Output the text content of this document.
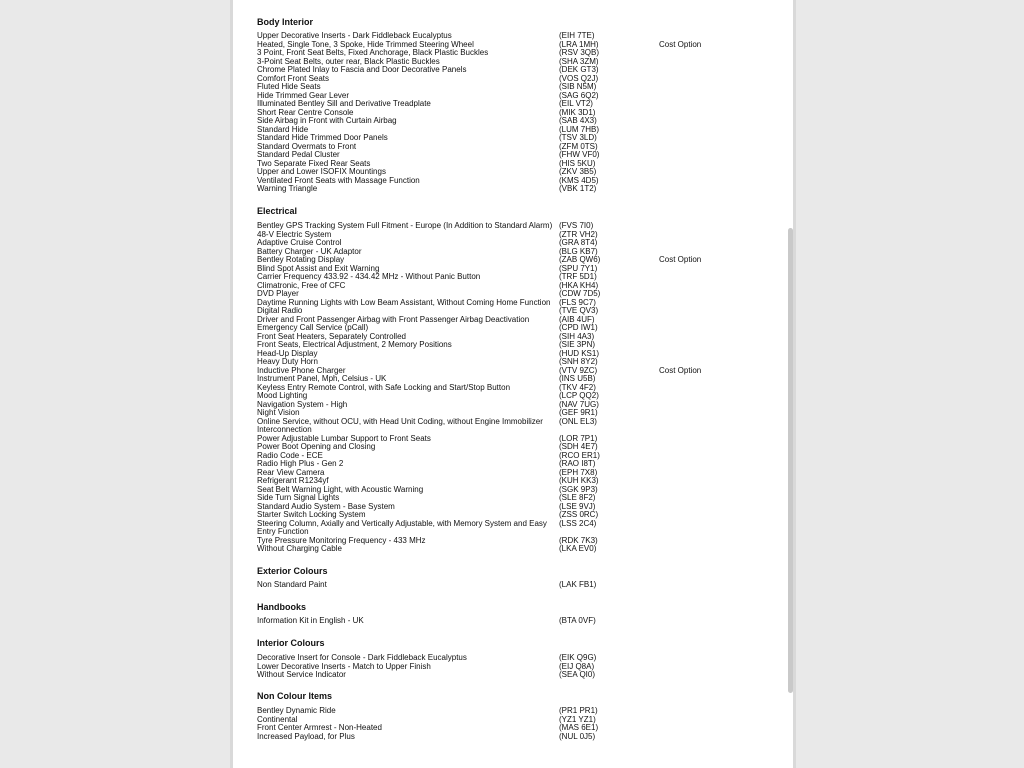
Body Interior
Upper Decorative Inserts - Dark Fiddleback Eucalyptus	(EIH 7TE)
Heated, Single Tone, 3 Spoke, Hide Trimmed Steering Wheel	(LRA 1MH)	Cost Option
3 Point, Front Seat Belts, Fixed Anchorage, Black Plastic Buckles	(RSV 3QB)
3-Point Seat Belts, outer rear, Black Plastic Buckles	(SHA 3ZM)
Chrome Plated Inlay to Fascia and Door Decorative Panels	(DEK GT3)
Comfort Front Seats	(VOS Q2J)
Fluted Hide Seats	(SIB N5M)
Hide Trimmed Gear Lever	(SAG 6Q2)
Illuminated Bentley Sill and Derivative Treadplate	(EIL VT2)
Short Rear Centre Console	(MIK 3D1)
Side Airbag in Front with Curtain Airbag	(SAB 4X3)
Standard Hide	(LUM 7HB)
Standard Hide Trimmed Door Panels	(TSV 3LD)
Standard Overmats to Front	(ZFM 0TS)
Standard Pedal Cluster	(FHW VF0)
Two Separate Fixed Rear Seats	(HIS 5KU)
Upper and Lower ISOFIX Mountings	(ZKV 3B5)
Ventilated Front Seats with Massage Function	(KMS 4D5)
Warning Triangle	(VBK 1T2)
Electrical
Bentley GPS Tracking System Full Fitment - Europe (In Addition to Standard Alarm) (FVS 7I0)
48-V Electric System	(ZTR VH2)
Adaptive Cruise Control	(GRA 8T4)
Battery Charger - UK Adaptor	(BLG KB7)
Bentley Rotating Display	(ZAB QW6)	Cost Option
Blind Spot Assist and Exit Warning	(SPU 7Y1)
Carrier Frequency 433.92 - 434.42 MHz - Without Panic Button	(TRF 5D1)
Climatronic, Free of CFC	(HKA KH4)
DVD Player	(CDW 7D5)
Daytime Running Lights with Low Beam Assistant, Without Coming Home Function	(FLS 9C7)
Digital Radio	(TVE QV3)
Driver and Front Passenger Airbag with Front Passenger Airbag Deactivation	(AIB 4UF)
Emergency Call Service (pCall)	(CPD IW1)
Front Seat Heaters, Separately Controlled	(SIH 4A3)
Front Seats, Electrical Adjustment, 2 Memory Positions	(SIE 3PN)
Head-Up Display	(HUD KS1)
Heavy Duty Horn	(SNH 8Y2)
Inductive Phone Charger	(VTV 9ZC)	Cost Option
Instrument Panel, Mph, Celsius - UK	(INS U5B)
Keyless Entry Remote Control, with Safe Locking and Start/Stop Button	(TKV 4F2)
Mood Lighting	(LCP QQ2)
Navigation System - High	(NAV 7UG)
Night Vision	(GEF 9R1)
Online Service, without OCU, with Head Unit Coding, without Engine Immobilizer Interconnection
(ONL EL3)
Power Adjustable Lumbar Support to Front Seats	(LOR 7P1)
Power Boot Opening and Closing	(SDH 4E7)
Radio Code - ECE	(RCO ER1)
Radio High Plus - Gen 2	(RAO I8T)
Rear View Camera	(EPH 7X8)
Refrigerant R1234yf	(KUH KK3)
Seat Belt Warning Light, with Acoustic Warning	(SGK 9P3)
Side Turn Signal Lights	(SLE 8F2)
Standard Audio System - Base System	(LSE 9VJ)
Starter Switch Locking System	(ZSS 0RC)
Steering Column, Axially and Vertically Adjustable, with Memory System and Easy Entry Function
(LSS 2C4)
Tyre Pressure Monitoring Frequency - 433 MHz	(RDK 7K3)
Without Charging Cable	(LKA EV0)
Exterior Colours
Non Standard Paint	(LAK FB1)
Handbooks
Information Kit in English - UK	(BTA 0VF)
Interior Colours
Decorative Insert for Console - Dark Fiddleback Eucalyptus	(EIK Q9G)
Lower Decorative Inserts - Match to Upper Finish	(EIJ Q8A)
Without Service Indicator	(SEA QI0)
Non Colour Items
Bentley Dynamic Ride	(PR1 PR1)
Continental	(YZ1 YZ1)
Front Center Armrest - Non-Heated	(MAS 6E1)
Increased Payload, for Plus	(NUL 0J5)
